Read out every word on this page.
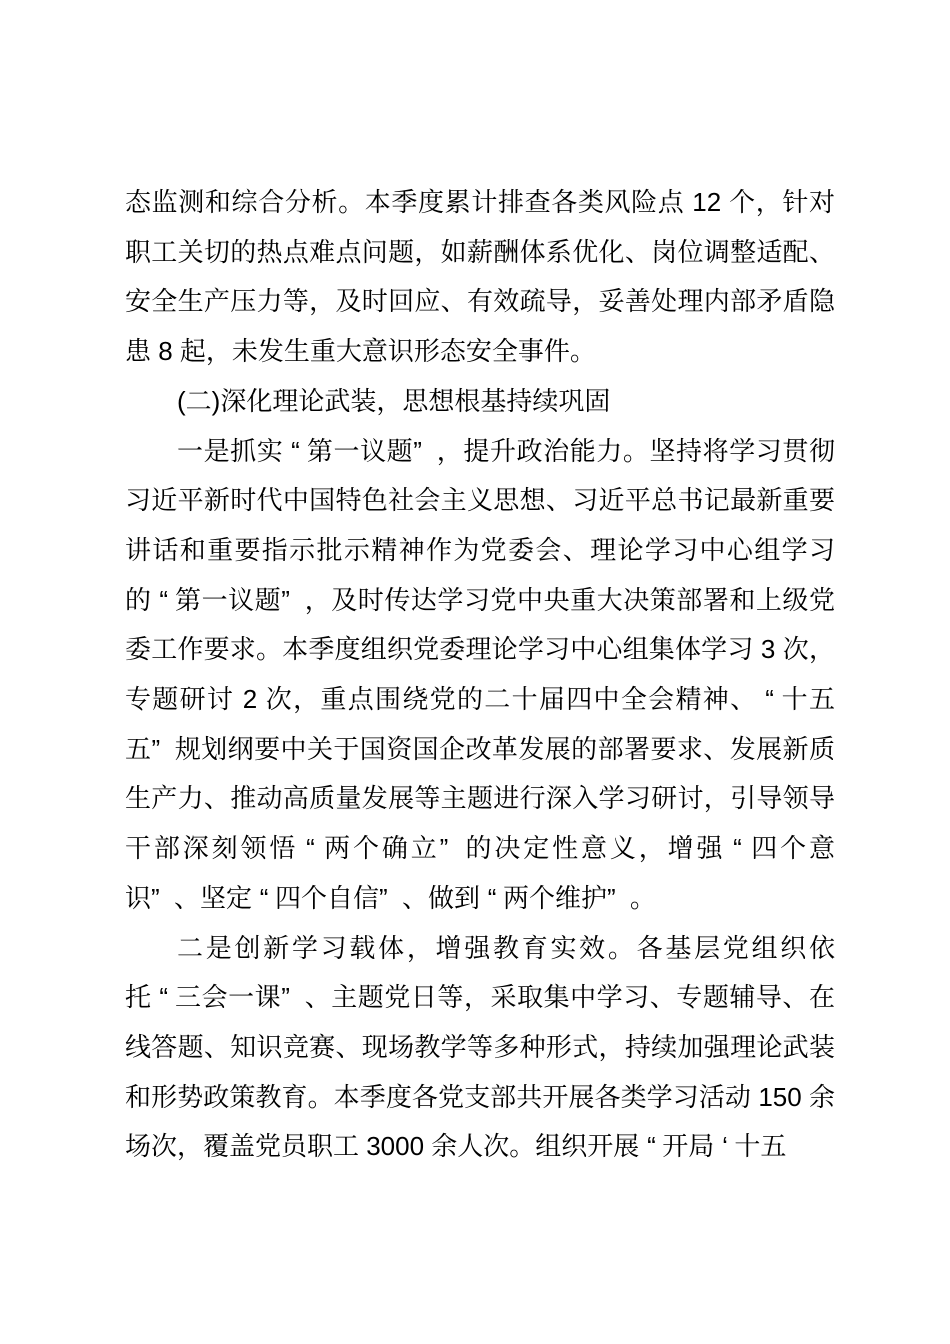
态监测和综合分析。本季度累计排查各类风险点 12 个，针对职工关切的热点难点问题，如薪酬体系优化、岗位调整适配、安全生产压力等，及时回应、有效疏导，妥善处理内部矛盾隐患 8 起，未发生重大意识形态安全事件。

(二)深化理论武装，思想根基持续巩固

一是抓实 “第一议题”，提升政治能力。坚持将学习贯彻习近平新时代中国特色社会主义思想、习近平总书记最新重要讲话和重要指示批示精神作为党委会、理论学习中心组学习的 “第一议题”，及时传达学习党中央重大决策部署和上级党委工作要求。本季度组织党委理论学习中心组集体学习 3 次，专题研讨 2 次，重点围绕党的二十届四中全会精神、 “十五五”规划纲要中关于国资国企改革发展的部署要求、发展新质生产力、推动高质量发展等主题进行深入学习研讨，引导领导干部深刻领悟 “两个确立”的决定性意义，增强 “四个意识”、坚定 “四个自信”、做到 “两个维护”。

二是创新学习载体，增强教育实效。各基层党组织依托 “三会一课”、主题党日等，采取集中学习、专题辅导、在线答题、知识竞赛、现场教学等多种形式，持续加强理论武装和形势政策教育。本季度各党支部共开展各类学习活动 150 余场次，覆盖党员职工 3000 余人次。组织开展 “开局 ‘十五
